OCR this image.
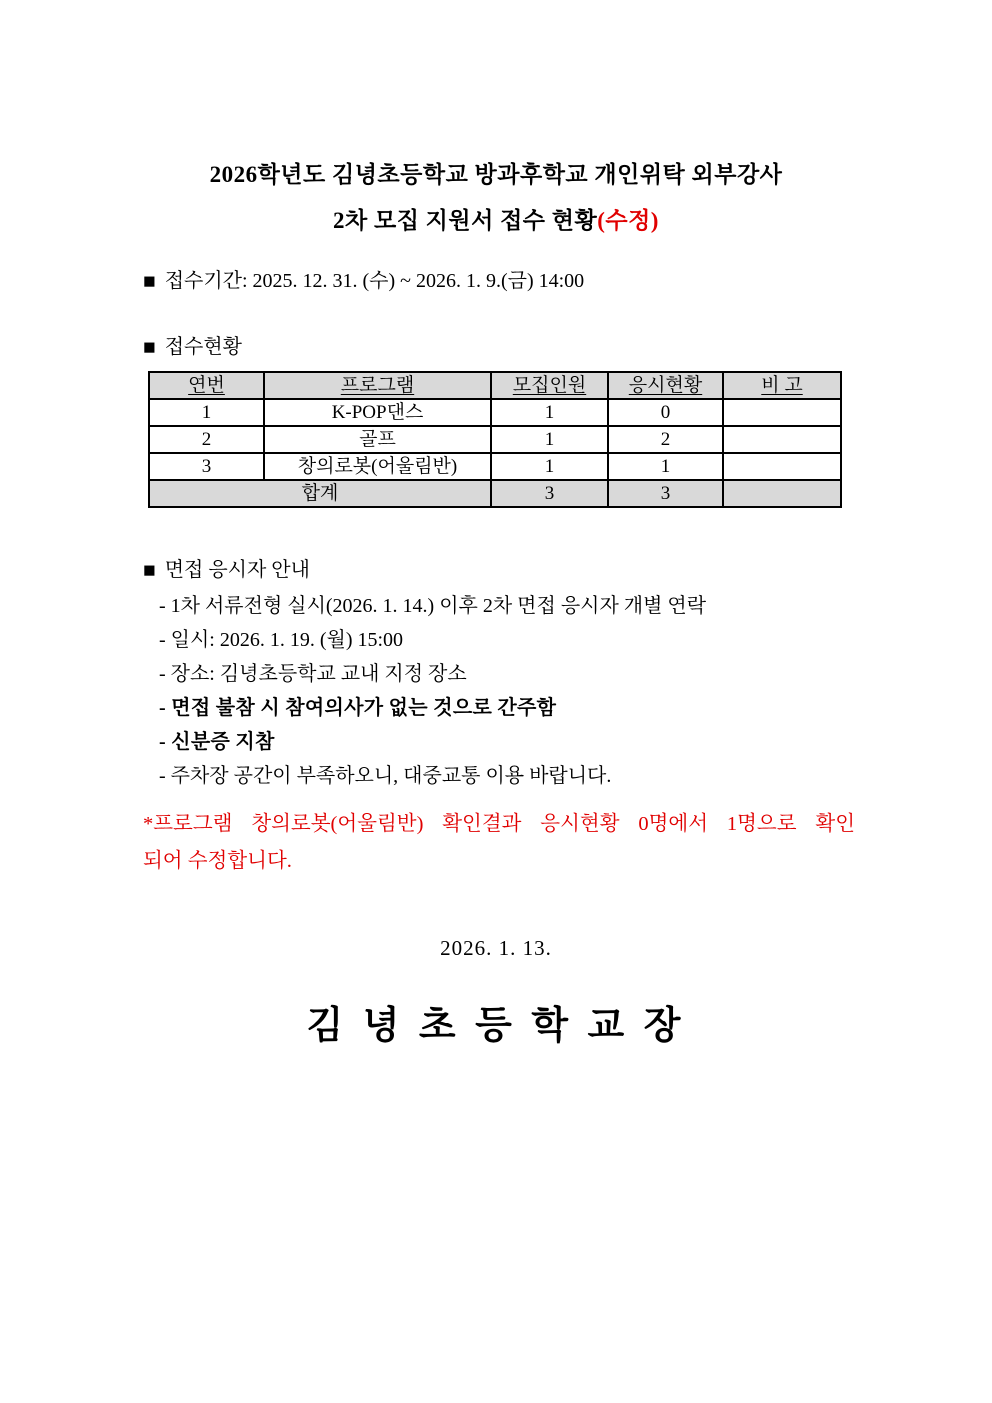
2026학년도 김녕초등학교 방과후학교 개인위탁 외부강사
2차 모집 지원서 접수 현황(수정)
■ 접수기간: 2025. 12. 31. (수) ~ 2026. 1. 9.(금) 14:00
■ 접수현황
연번	프로그램	모집인원	응시현황	비 고
1	K-POP댄스	1	0	
2	골프	1	2	
3	창의로봇(어울림반)	1	1	
합계		3	3	
■ 면접 응시자 안내
- 1차 서류전형 실시(2026. 1. 14.) 이후 2차 면접 응시자 개별 연락
- 일시: 2026. 1. 19. (월) 15:00
- 장소: 김녕초등학교 교내 지정 장소
- 면접 불참 시 참여의사가 없는 것으로 간주함
- 신분증 지참
- 주차장 공간이 부족하오니, 대중교통 이용 바랍니다.
*프로그램 창의로봇(어울림반) 확인결과 응시현황 0명에서 1명으로 확인
되어 수정합니다.
2026. 1. 13.
김 녕 초 등 학 교 장
